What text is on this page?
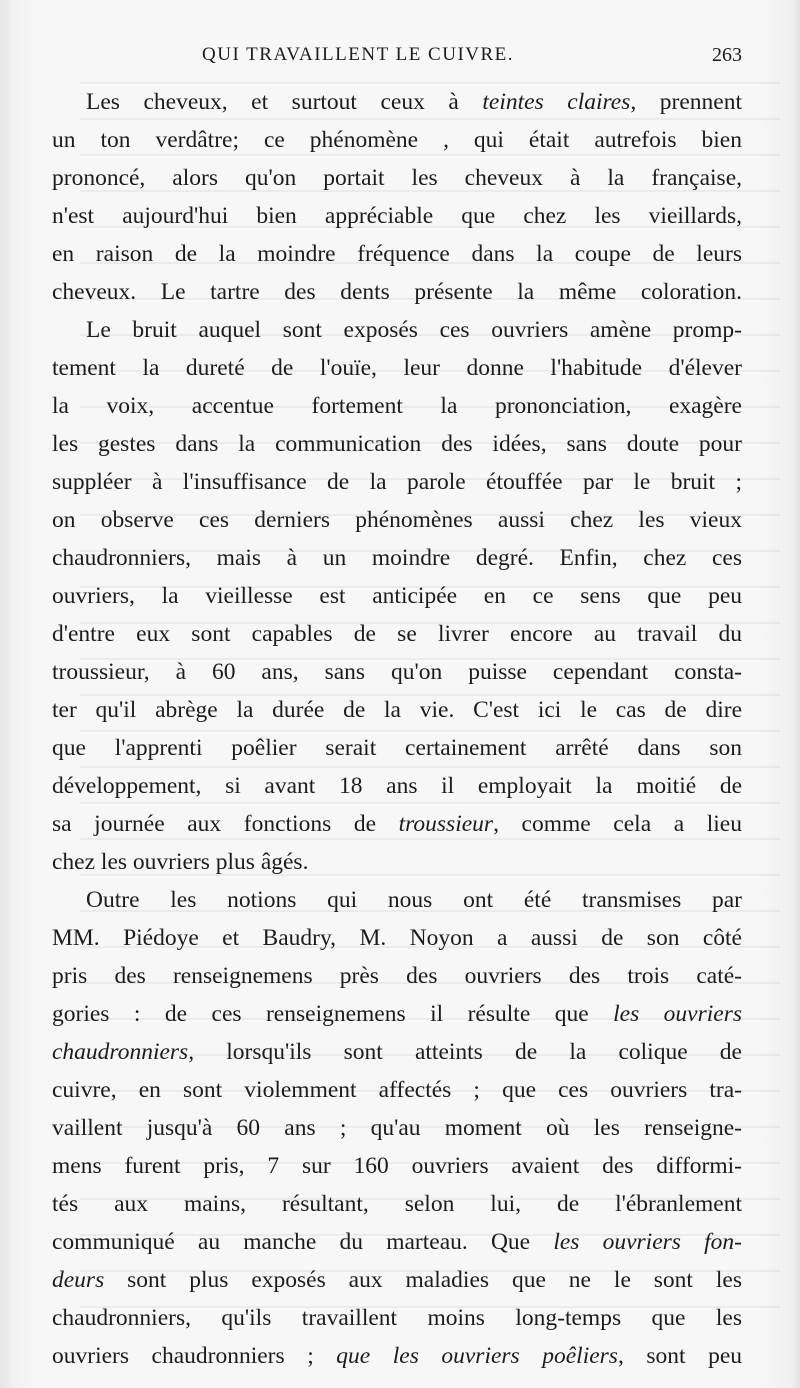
QUI TRAVAILLENT LE CUIVRE.	263
Les cheveux, et surtout ceux à teintes claires, prennent
un ton verdâtre; ce phénomène , qui était autrefois bien
prononcé, alors qu'on portait les cheveux à la française,
n'est aujourd'hui bien appréciable que chez les vieillards,
en raison de la moindre fréquence dans la coupe de leurs
cheveux. Le tartre des dents présente la même coloration.
Le bruit auquel sont exposés ces ouvriers amène promp-
tement la dureté de l'ouïe, leur donne l'habitude d'élever
la voix, accentue fortement la prononciation, exagère
les gestes dans la communication des idées, sans doute pour
suppléer à l'insuffisance de la parole étouffée par le bruit ;
on observe ces derniers phénomènes aussi chez les vieux
chaudronniers, mais à un moindre degré. Enfin, chez ces
ouvriers, la vieillesse est anticipée en ce sens que peu
d'entre eux sont capables de se livrer encore au travail du
troussieur, à 60 ans, sans qu'on puisse cependant consta-
ter qu'il abrège la durée de la vie. C'est ici le cas de dire
que l'apprenti poêlier serait certainement arrêté dans son
développement, si avant 18 ans il employait la moitié de
sa journée aux fonctions de troussieur, comme cela a lieu
chez les ouvriers plus âgés.
Outre les notions qui nous ont été transmises par
MM. Piédoye et Baudry, M. Noyon a aussi de son côté
pris des renseignemens près des ouvriers des trois caté-
gories : de ces renseignemens il résulte que les ouvriers
chaudronniers, lorsqu'ils sont atteints de la colique de
cuivre, en sont violemment affectés ; que ces ouvriers tra-
vaillent jusqu'à 60 ans ; qu'au moment où les renseigne-
mens furent pris, 7 sur 160 ouvriers avaient des difformi-
tés aux mains, résultant, selon lui, de l'ébranlement
communiqué au manche du marteau. Que les ouvriers fon-
deurs sont plus exposés aux maladies que ne le sont les
chaudronniers, qu'ils travaillent moins long-temps que les
ouvriers chaudronniers ; que les ouvriers poêliers, sont peu
